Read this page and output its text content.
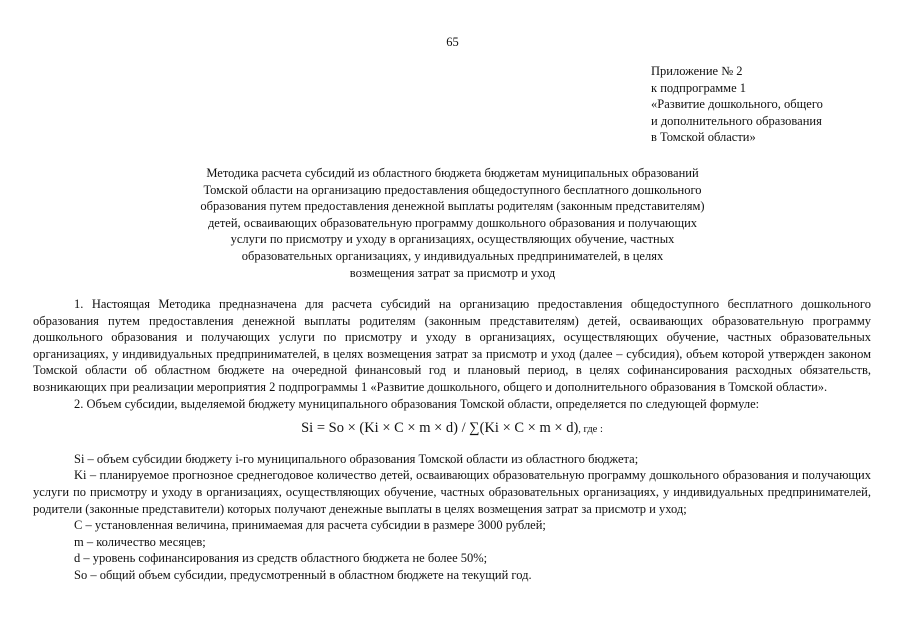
65
Приложение № 2
к подпрограмме 1
«Развитие дошкольного, общего
и дополнительного образования
в Томской области»
Методика расчета субсидий из областного бюджета бюджетам муниципальных образований
Томской области на организацию предоставления общедоступного бесплатного дошкольного
образования путем предоставления денежной выплаты родителям (законным представителям)
детей, осваивающих образовательную программу дошкольного образования и получающих
услуги по присмотру и уходу в организациях, осуществляющих обучение, частных
образовательных организациях, у индивидуальных предпринимателей, в целях
возмещения затрат за присмотр и уход

1. Настоящая Методика предназначена для расчета субсидий на организацию предоставления общедоступного бесплатного дошкольного образования путем предоставления денежной выплаты родителям (законным представителям) детей, осваивающих образовательную программу дошкольного образования и получающих услуги по присмотру и уходу в организациях, осуществляющих обучение, частных образовательных организациях, у индивидуальных предпринимателей, в целях возмещения затрат за присмотр и уход (далее – субсидия), объем которой утвержден законом Томской области об областном бюджете на очередной финансовый год и плановый период, в целях софинансирования расходных обязательств, возникающих при реализации мероприятия 2 подпрограммы 1 «Развитие дошкольного, общего и дополнительного образования в Томской области».

2. Объем субсидии, выделяемой бюджету муниципального образования Томской области, определяется по следующей формуле:

Si = So × (Ki × C × m × d) / ∑(Ki × C × m × d), где :

Si – объем субсидии бюджету i-го муниципального образования Томской области из областного бюджета;

Ki – планируемое прогнозное среднегодовое количество детей, осваивающих образовательную программу дошкольного образования и получающих услуги по присмотру и уходу в организациях, осуществляющих обучение, частных образовательных организациях, у индивидуальных предпринимателей, родители (законные представители) которых получают денежные выплаты в целях возмещения затрат за присмотр и уход;

C – установленная величина, принимаемая для расчета субсидии в размере 3000 рублей;

m – количество месяцев;

d – уровень софинансирования из средств областного бюджета не более 50%;

So – общий объем субсидии, предусмотренный в областном бюджете на текущий год.
